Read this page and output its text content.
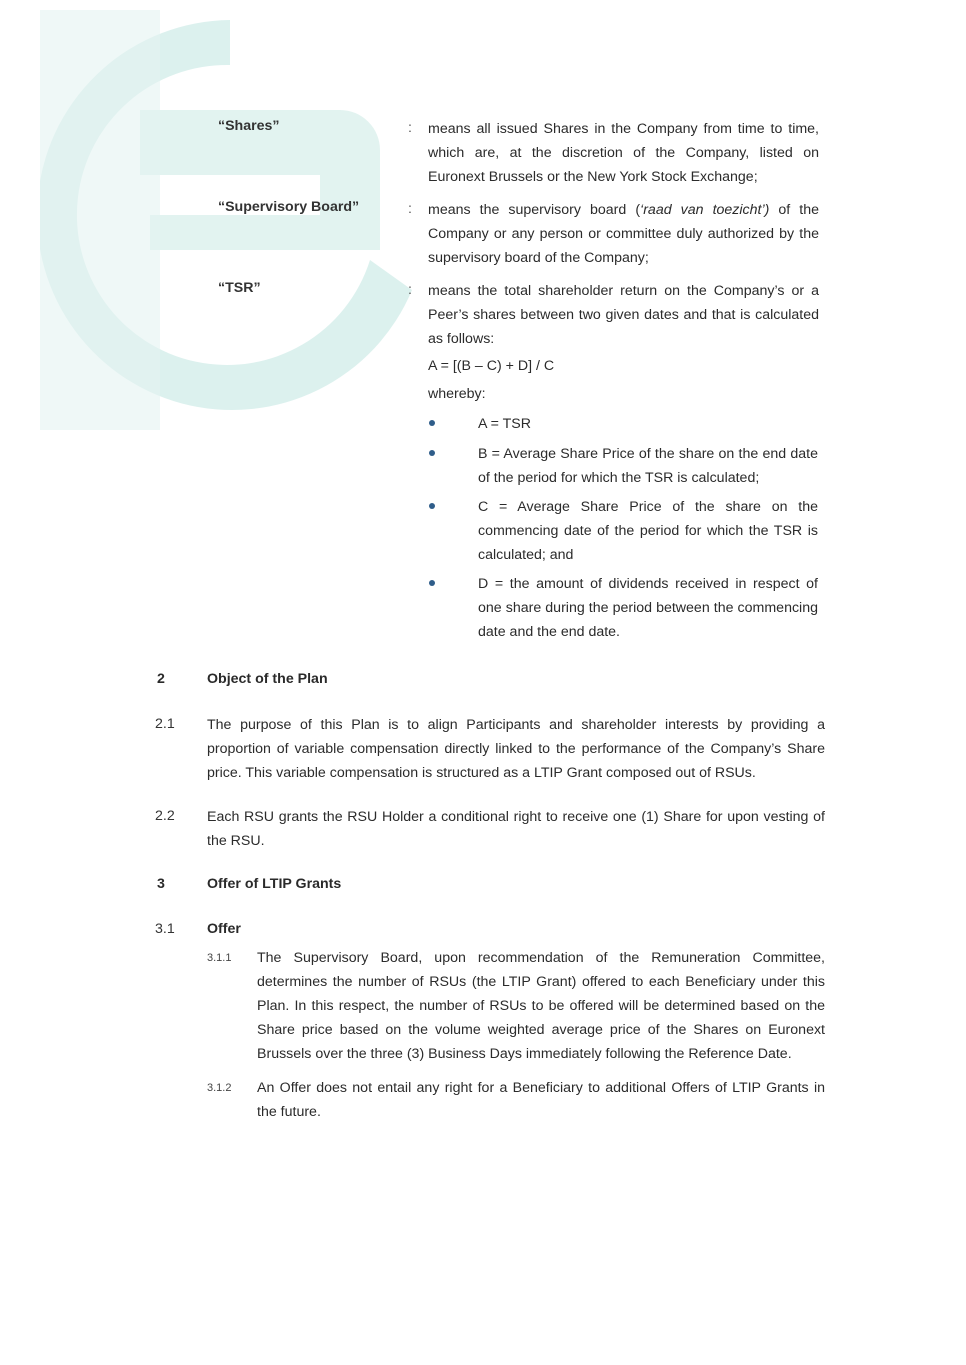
“Shares”	: means all issued Shares in the Company from time to time, which are, at the discretion of the Company, listed on Euronext Brussels or the New York Stock Exchange;
“Supervisory Board”	: means the supervisory board (‘raad van toezicht’) of the Company or any person or committee duly authorized by the supervisory board of the Company;
“TSR”	: means the total shareholder return on the Company’s or a Peer’s shares between two given dates and that is calculated as follows:
A = [(B – C) + D] / C
whereby:
A = TSR
B = Average Share Price of the share on the end date of the period for which the TSR is calculated;
C = Average Share Price of the share on the commencing date of the period for which the TSR is calculated; and
D = the amount of dividends received in respect of one share during the period between the commencing date and the end date.
2	Object of the Plan
2.1 The purpose of this Plan is to align Participants and shareholder interests by providing a proportion of variable compensation directly linked to the performance of the Company’s Share price. This variable compensation is structured as a LTIP Grant composed out of RSUs.
2.2 Each RSU grants the RSU Holder a conditional right to receive one (1) Share for upon vesting of the RSU.
3	Offer of LTIP Grants
3.1 Offer
3.1.1 The Supervisory Board, upon recommendation of the Remuneration Committee, determines the number of RSUs (the LTIP Grant) offered to each Beneficiary under this Plan. In this respect, the number of RSUs to be offered will be determined based on the Share price based on the volume weighted average price of the Shares on Euronext Brussels over the three (3) Business Days immediately following the Reference Date.
3.1.2 An Offer does not entail any right for a Beneficiary to additional Offers of LTIP Grants in the future.
